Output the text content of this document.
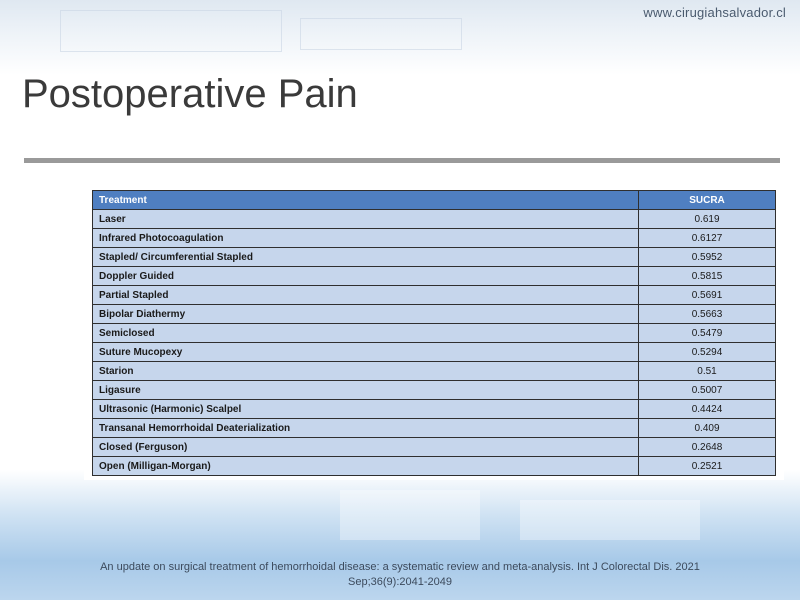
www.cirugiahsalvador.cl
Postoperative Pain
Treatment	SUCRA
Laser	0.619
Infrared Photocoagulation	0.6127
Stapled/ Circumferential Stapled	0.5952
Doppler Guided	0.5815
Partial Stapled	0.5691
Bipolar Diathermy	0.5663
Semiclosed	0.5479
Suture Mucopexy	0.5294
Starion	0.51
Ligasure	0.5007
Ultrasonic (Harmonic) Scalpel	0.4424
Transanal Hemorrhoidal Deaterialization	0.409
Closed (Ferguson)	0.2648
Open (Milligan-Morgan)	0.2521
An update on surgical treatment of hemorrhoidal disease: a systematic review and meta-analysis. Int J Colorectal Dis. 2021
Sep;36(9):2041-2049
